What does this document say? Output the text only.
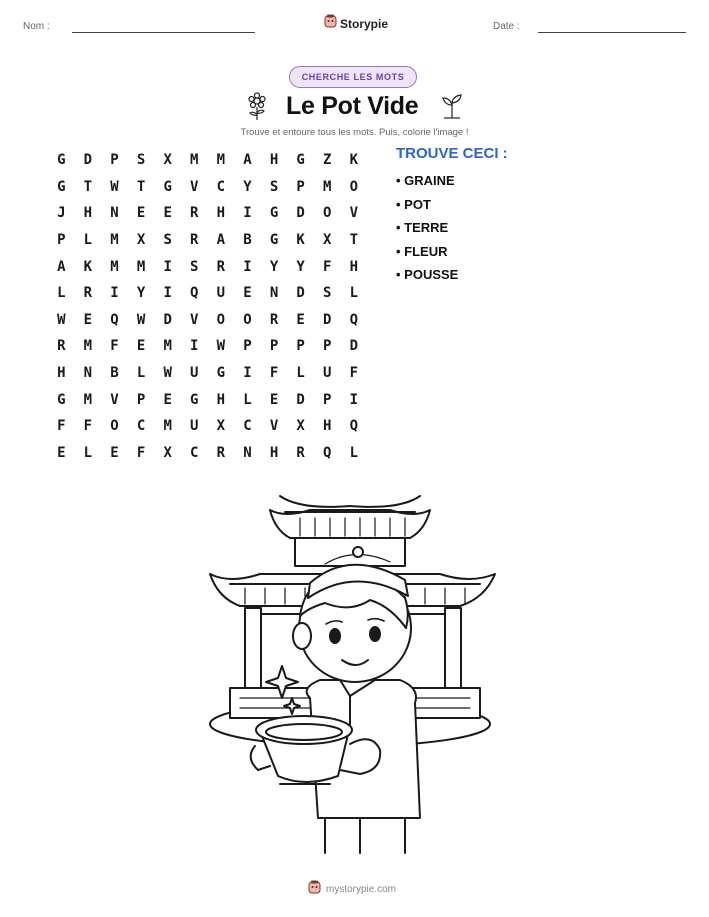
Nom :	Storypie	Date :
CHERCHE LES MOTS
Le Pot Vide
Trouve et entoure tous les mots. Puis, colorie l'image !
G	D	P	S	X	M	M	A	H	G	Z	K
G	T	W	T	G	V	C	Y	S	P	M	O
J	H	N	E	E	R	H	I	G	D	O	V
P	L	M	X	S	R	A	B	G	K	X	T
A	K	M	M	I	S	R	I	Y	Y	F	H
L	R	I	Y	I	Q	U	E	N	D	S	L
W	E	Q	W	D	V	O	O	R	E	D	Q
R	M	F	E	M	I	W	P	P	P	P	D
H	N	B	L	W	U	G	I	F	L	U	F
G	M	V	P	E	G	H	L	E	D	P	I
F	F	O	C	M	U	X	C	V	X	H	Q
E	L	E	F	X	C	R	N	H	R	Q	L
TROUVE CECI :
• GRAINE
• POT
• TERRE
• FLEUR
• POUSSE
mystorypie.com
